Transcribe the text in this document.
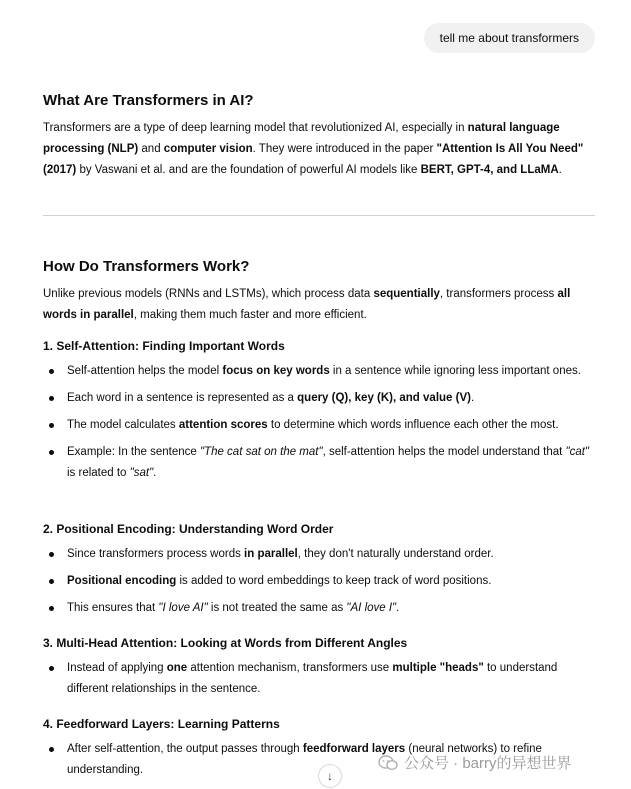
tell me about transformers
What Are Transformers in AI?

Transformers are a type of deep learning model that revolutionized AI, especially in natural language processing (NLP) and computer vision. They were introduced in the paper "Attention Is All You Need" (2017) by Vaswani et al. and are the foundation of powerful AI models like BERT, GPT-4, and LLaMA.

How Do Transformers Work?

Unlike previous models (RNNs and LSTMs), which process data sequentially, transformers process all words in parallel, making them much faster and more efficient.

1. Self-Attention: Finding Important Words
Self-attention helps the model focus on key words in a sentence while ignoring less important ones.
Each word in a sentence is represented as a query (Q), key (K), and value (V).
The model calculates attention scores to determine which words influence each other the most.
Example: In the sentence "The cat sat on the mat", self-attention helps the model understand that "cat" is related to "sat".
2. Positional Encoding: Understanding Word Order
Since transformers process words in parallel, they don't naturally understand order.
Positional encoding is added to word embeddings to keep track of word positions.
This ensures that "I love AI" is not treated the same as "AI love I".
3. Multi-Head Attention: Looking at Words from Different Angles
Instead of applying one attention mechanism, transformers use multiple "heads" to understand different relationships in the sentence.
4. Feedforward Layers: Learning Patterns
After self-attention, the output passes through feedforward layers (neural networks) to refine understanding.	↓
公众号 · barry的异想世界
